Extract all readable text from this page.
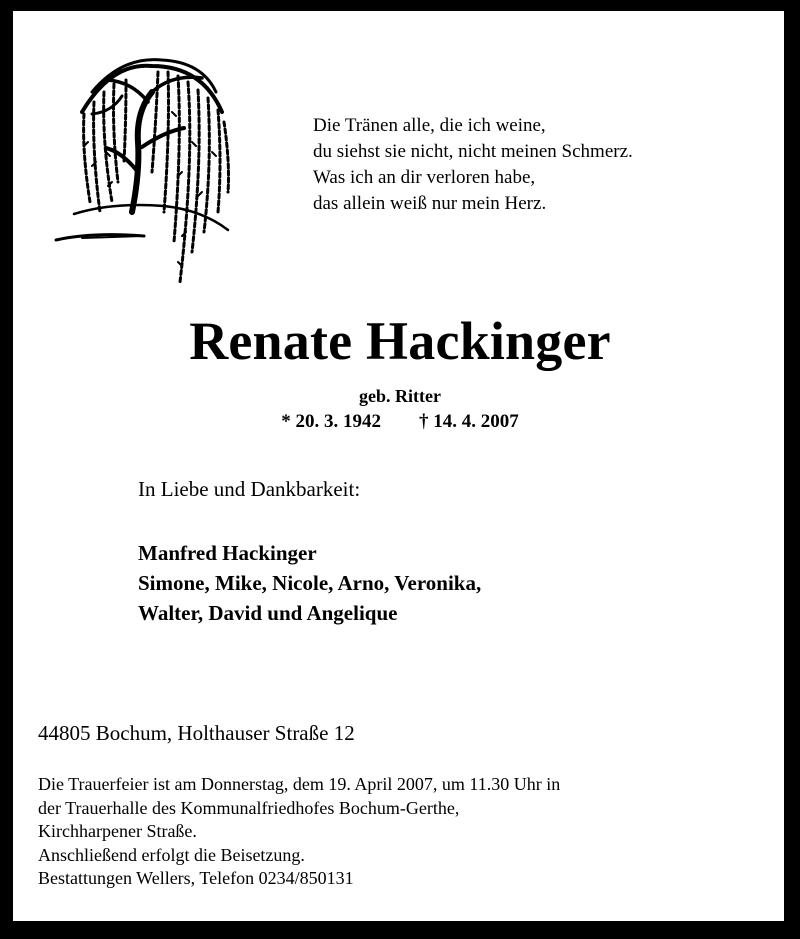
Die Tränen alle, die ich weine,
du siehst sie nicht, nicht meinen Schmerz.
Was ich an dir verloren habe,
das allein weiß nur mein Herz.
Renate Hackinger
geb. Ritter
* 20. 3. 1942 † 14. 4. 2007
In Liebe und Dankbarkeit:
Manfred Hackinger
Simone, Mike, Nicole, Arno, Veronika,
Walter, David und Angelique
44805 Bochum, Holthauser Straße 12
Die Trauerfeier ist am Donnerstag, dem 19. April 2007, um 11.30 Uhr in
der Trauerhalle des Kommunalfriedhofes Bochum-Gerthe,
Kirchharpener Straße.
Anschließend erfolgt die Beisetzung.
Bestattungen Wellers, Telefon 0234/850131
